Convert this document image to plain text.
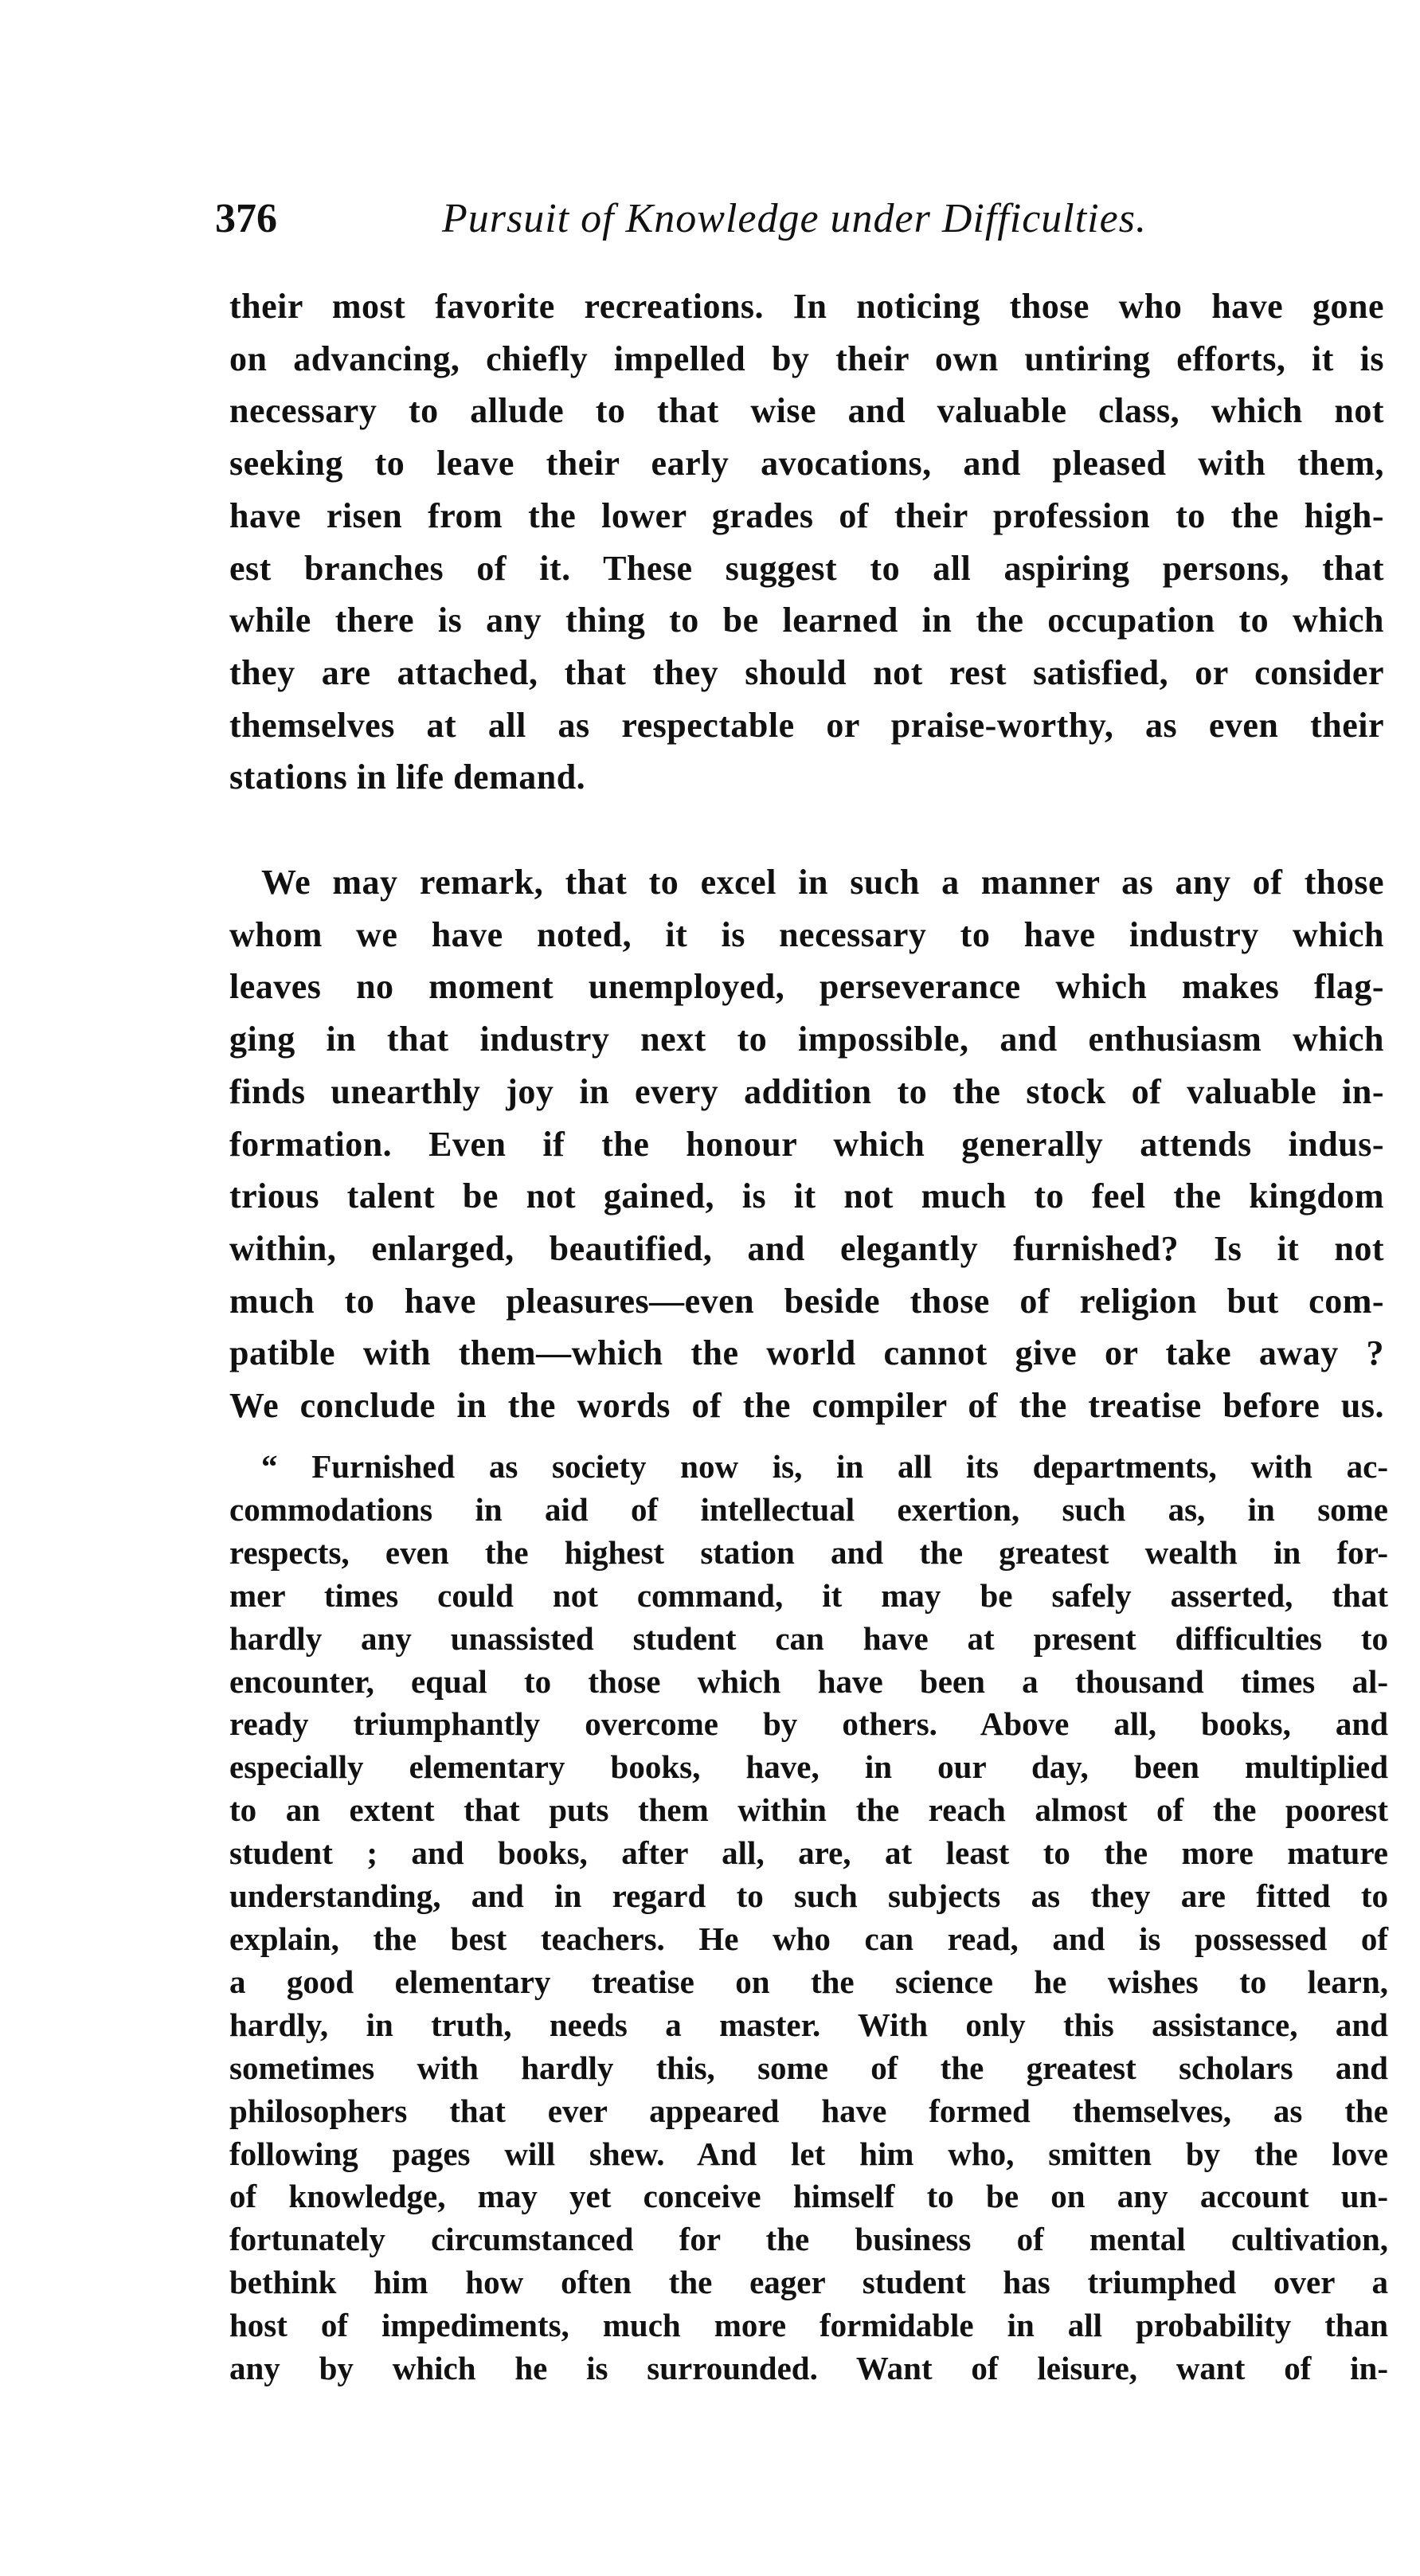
376	Pursuit of Knowledge under Difficulties.
their most favorite recreations. In noticing those who have gone
on advancing, chiefly impelled by their own untiring efforts, it is
necessary to allude to that wise and valuable class, which not
seeking to leave their early avocations, and pleased with them,
have risen from the lower grades of their profession to the high-
est branches of it. These suggest to all aspiring persons, that
while there is any thing to be learned in the occupation to which
they are attached, that they should not rest satisfied, or consider
themselves at all as respectable or praise-worthy, as even their
stations in life demand.
We may remark, that to excel in such a manner as any of those
whom we have noted, it is necessary to have industry which
leaves no moment unemployed, perseverance which makes flag-
ging in that industry next to impossible, and enthusiasm which
finds unearthly joy in every addition to the stock of valuable in-
formation. Even if the honour which generally attends indus-
trious talent be not gained, is it not much to feel the kingdom
within, enlarged, beautified, and elegantly furnished? Is it not
much to have pleasures—even beside those of religion but com-
patible with them—which the world cannot give or take away ?
We conclude in the words of the compiler of the treatise before us.
“ Furnished as society now is, in all its departments, with ac-
commodations in aid of intellectual exertion, such as, in some
respects, even the highest station and the greatest wealth in for-
mer times could not command, it may be safely asserted, that
hardly any unassisted student can have at present difficulties to
encounter, equal to those which have been a thousand times al-
ready triumphantly overcome by others. Above all, books, and
especially elementary books, have, in our day, been multiplied
to an extent that puts them within the reach almost of the poorest
student ; and books, after all, are, at least to the more mature
understanding, and in regard to such subjects as they are fitted to
explain, the best teachers. He who can read, and is possessed of
a good elementary treatise on the science he wishes to learn,
hardly, in truth, needs a master. With only this assistance, and
sometimes with hardly this, some of the greatest scholars and
philosophers that ever appeared have formed themselves, as the
following pages will shew. And let him who, smitten by the love
of knowledge, may yet conceive himself to be on any account un-
fortunately circumstanced for the business of mental cultivation,
bethink him how often the eager student has triumphed over a
host of impediments, much more formidable in all probability than
any by which he is surrounded. Want of leisure, want of in-
